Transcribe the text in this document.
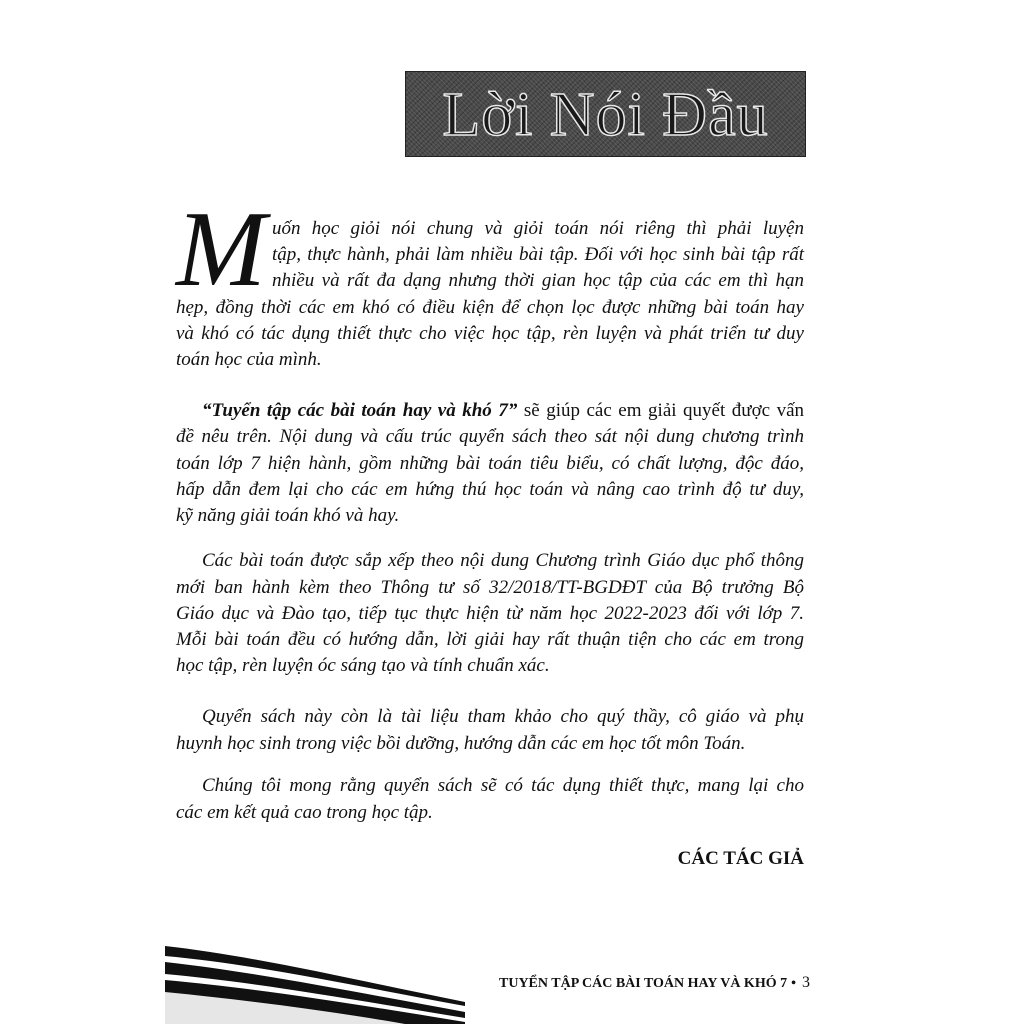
Lời Nói Đầu
M uốn học giỏi nói chung và giỏi toán nói riêng thì phải luyện
tập, thực hành, phải làm nhiều bài tập. Đối với học sinh bài tập rất
nhiều và rất đa dạng nhưng thời gian học tập của các em thì hạn
hẹp, đồng thời các em khó có điều kiện để chọn lọc được những bài toán hay
và khó có tác dụng thiết thực cho việc học tập, rèn luyện và phát triển tư duy
toán học của mình.
“Tuyển tập các bài toán hay và khó 7” sẽ giúp các em giải quyết được vấn
đề nêu trên. Nội dung và cấu trúc quyển sách theo sát nội dung chương trình
toán lớp 7 hiện hành, gồm những bài toán tiêu biểu, có chất lượng, độc đáo,
hấp dẫn đem lại cho các em hứng thú học toán và nâng cao trình độ tư duy,
kỹ năng giải toán khó và hay.
Các bài toán được sắp xếp theo nội dung Chương trình Giáo dục phổ thông
mới ban hành kèm theo Thông tư số 32/2018/TT-BGDĐT của Bộ trưởng Bộ
Giáo dục và Đào tạo, tiếp tục thực hiện từ năm học 2022-2023 đối với lớp 7.
Mỗi bài toán đều có hướng dẫn, lời giải hay rất thuận tiện cho các em trong
học tập, rèn luyện óc sáng tạo và tính chuẩn xác.
Quyển sách này còn là tài liệu tham khảo cho quý thầy, cô giáo và phụ
huynh học sinh trong việc bồi dưỡng, hướng dẫn các em học tốt môn Toán.
Chúng tôi mong rằng quyển sách sẽ có tác dụng thiết thực, mang lại cho
các em kết quả cao trong học tập.
CÁC TÁC GIẢ
TUYỂN TẬP CÁC BÀI TOÁN HAY VÀ KHÓ 7 • 3
